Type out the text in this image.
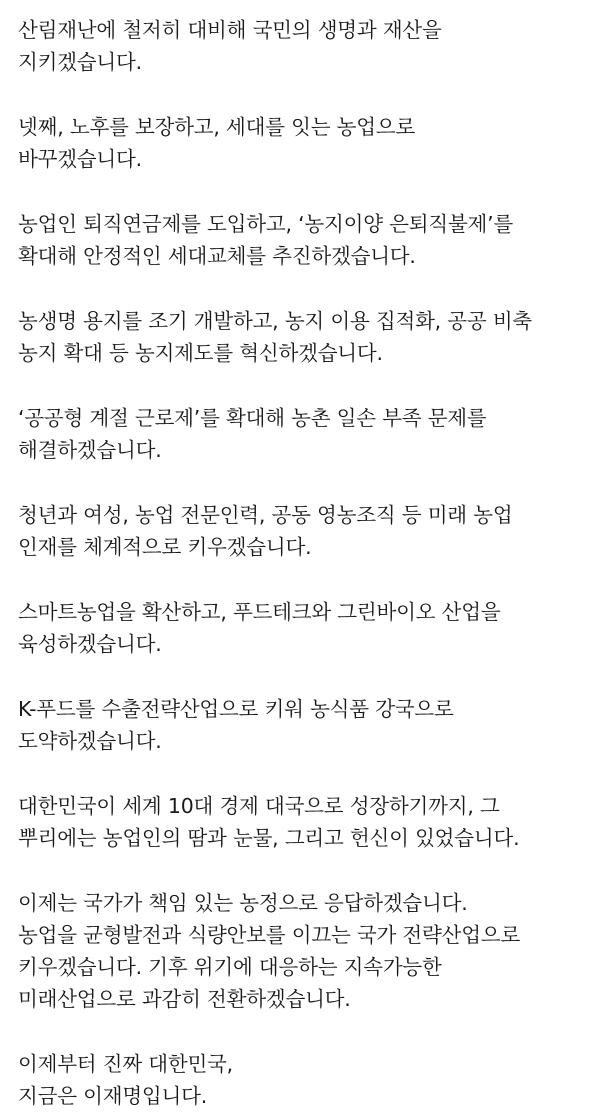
산림재난에 철저히 대비해 국민의 생명과 재산을
지키겠습니다.
넷째, 노후를 보장하고, 세대를 잇는 농업으로
바꾸겠습니다.
농업인 퇴직연금제를 도입하고, ‘농지이양 은퇴직불제’를
확대해 안정적인 세대교체를 추진하겠습니다.
농생명 용지를 조기 개발하고, 농지 이용 집적화, 공공 비축
농지 확대 등 농지제도를 혁신하겠습니다.
‘공공형 계절 근로제’를 확대해 농촌 일손 부족 문제를
해결하겠습니다.
청년과 여성, 농업 전문인력, 공동 영농조직 등 미래 농업
인재를 체계적으로 키우겠습니다.
스마트농업을 확산하고, 푸드테크와 그린바이오 산업을
육성하겠습니다.
K-푸드를 수출전략산업으로 키워 농식품 강국으로
도약하겠습니다.
대한민국이 세계 10대 경제 대국으로 성장하기까지, 그
뿌리에는 농업인의 땀과 눈물, 그리고 헌신이 있었습니다.
이제는 국가가 책임 있는 농정으로 응답하겠습니다.
농업을 균형발전과 식량안보를 이끄는 국가 전략산업으로
키우겠습니다. 기후 위기에 대응하는 지속가능한
미래산업으로 과감히 전환하겠습니다.
이제부터 진짜 대한민국,
지금은 이재명입니다.
